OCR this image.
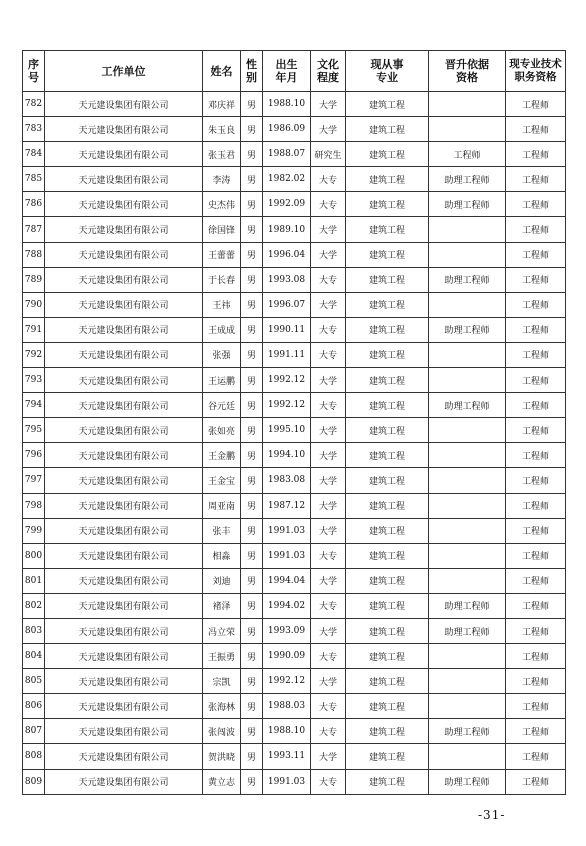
序号	工作单位	姓名	性别	出生年月	文化程度	现从事专业	晋升依据资格	现专业技术职务资格
782	天元建设集团有限公司	邓庆祥	男	1988.10	大学	建筑工程		工程师
783	天元建设集团有限公司	朱玉良	男	1986.09	大学	建筑工程		工程师
784	天元建设集团有限公司	张玉君	男	1988.07	研究生	建筑工程	工程师	工程师
785	天元建设集团有限公司	李涛	男	1982.02	大专	建筑工程	助理工程师	工程师
786	天元建设集团有限公司	史杰伟	男	1992.09	大专	建筑工程	助理工程师	工程师
787	天元建设集团有限公司	徐国锋	男	1989.10	大学	建筑工程		工程师
788	天元建设集团有限公司	王蕾蕾	男	1996.04	大学	建筑工程		工程师
789	天元建设集团有限公司	于长春	男	1993.08	大专	建筑工程	助理工程师	工程师
790	天元建设集团有限公司	王祎	男	1996.07	大学	建筑工程		工程师
791	天元建设集团有限公司	王成成	男	1990.11	大专	建筑工程	助理工程师	工程师
792	天元建设集团有限公司	张强	男	1991.11	大专	建筑工程		工程师
793	天元建设集团有限公司	王运鹏	男	1992.12	大学	建筑工程		工程师
794	天元建设集团有限公司	谷元廷	男	1992.12	大专	建筑工程	助理工程师	工程师
795	天元建设集团有限公司	张如亮	男	1995.10	大学	建筑工程		工程师
796	天元建设集团有限公司	王金鹏	男	1994.10	大学	建筑工程		工程师
797	天元建设集团有限公司	王金宝	男	1983.08	大学	建筑工程		工程师
798	天元建设集团有限公司	周亚南	男	1987.12	大学	建筑工程		工程师
799	天元建设集团有限公司	张丰	男	1991.03	大学	建筑工程		工程师
800	天元建设集团有限公司	相淼	男	1991.03	大专	建筑工程		工程师
801	天元建设集团有限公司	刘迪	男	1994.04	大学	建筑工程		工程师
802	天元建设集团有限公司	褚泽	男	1994.02	大专	建筑工程	助理工程师	工程师
803	天元建设集团有限公司	冯立荣	男	1993.09	大学	建筑工程	助理工程师	工程师
804	天元建设集团有限公司	王振勇	男	1990.09	大专	建筑工程		工程师
805	天元建设集团有限公司	宗凯	男	1992.12	大学	建筑工程		工程师
806	天元建设集团有限公司	张海林	男	1988.03	大专	建筑工程		工程师
807	天元建设集团有限公司	张闯波	男	1988.10	大专	建筑工程	助理工程师	工程师
808	天元建设集团有限公司	贺洪晓	男	1993.11	大学	建筑工程		工程师
809	天元建设集团有限公司	黄立志	男	1991.03	大专	建筑工程	助理工程师	工程师
-31-
